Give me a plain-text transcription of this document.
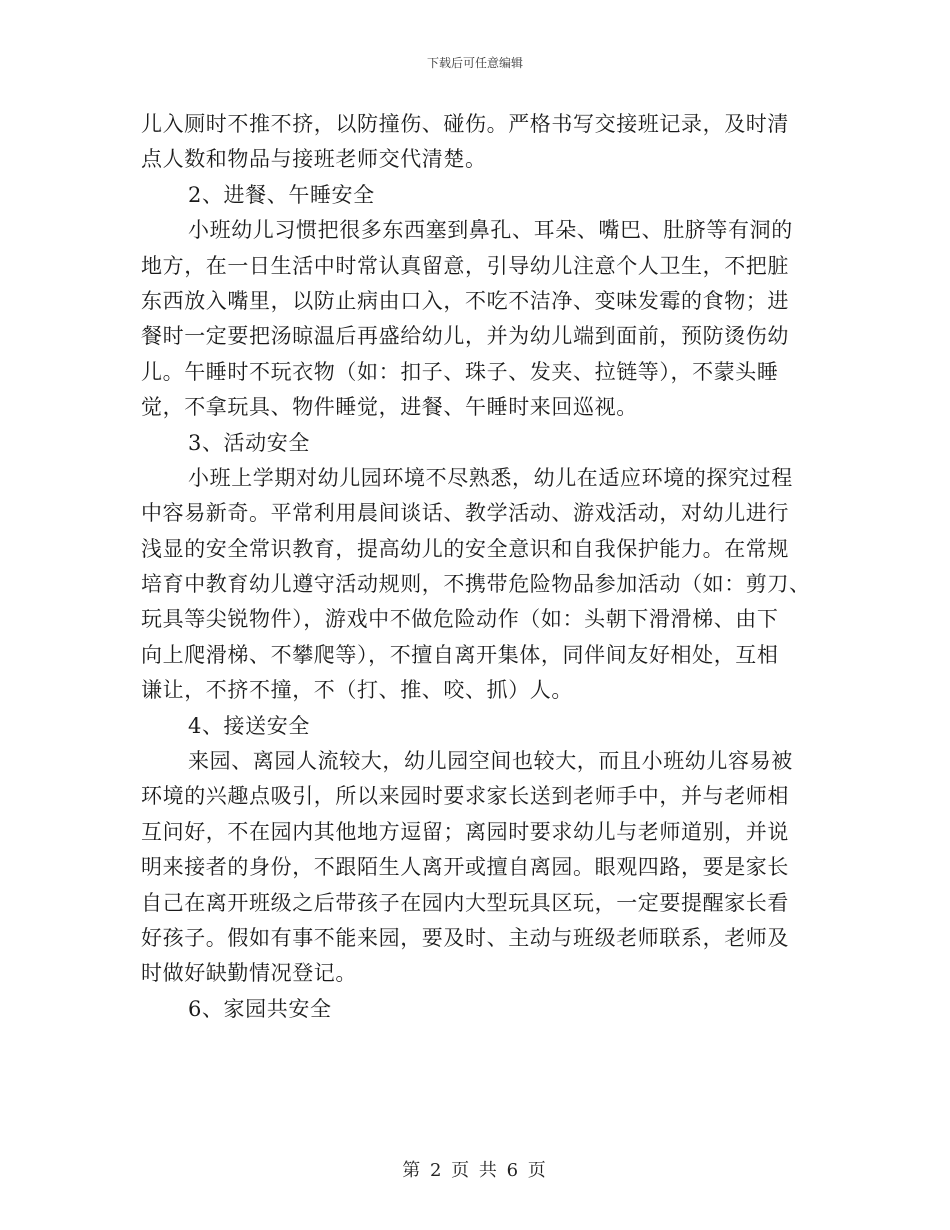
下载后可任意编辑
儿入厕时不推不挤，以防撞伤、碰伤。严格书写交接班记录，及时清
点人数和物品与接班老师交代清楚。
2、进餐、午睡安全
小班幼儿习惯把很多东西塞到鼻孔、耳朵、嘴巴、肚脐等有洞的
地方，在一日生活中时常认真留意，引导幼儿注意个人卫生，不把脏
东西放入嘴里，以防止病由口入，不吃不洁净、变味发霉的食物；进
餐时一定要把汤晾温后再盛给幼儿，并为幼儿端到面前，预防烫伤幼
儿。午睡时不玩衣物（如：扣子、珠子、发夹、拉链等），不蒙头睡
觉，不拿玩具、物件睡觉，进餐、午睡时来回巡视。
3、活动安全
小班上学期对幼儿园环境不尽熟悉，幼儿在适应环境的探究过程
中容易新奇。平常利用晨间谈话、教学活动、游戏活动，对幼儿进行
浅显的安全常识教育，提高幼儿的安全意识和自我保护能力。在常规
培育中教育幼儿遵守活动规则，不携带危险物品参加活动（如：剪刀、
玩具等尖锐物件），游戏中不做危险动作（如：头朝下滑滑梯、由下
向上爬滑梯、不攀爬等），不擅自离开集体，同伴间友好相处，互相
谦让，不挤不撞，不（打、推、咬、抓）人。
4、接送安全
来园、离园人流较大，幼儿园空间也较大，而且小班幼儿容易被
环境的兴趣点吸引，所以来园时要求家长送到老师手中，并与老师相
互问好，不在园内其他地方逗留；离园时要求幼儿与老师道别，并说
明来接者的身份，不跟陌生人离开或擅自离园。眼观四路，要是家长
自己在离开班级之后带孩子在园内大型玩具区玩，一定要提醒家长看
好孩子。假如有事不能来园，要及时、主动与班级老师联系，老师及
时做好缺勤情况登记。
6、家园共安全
第 2 页 共 6 页
